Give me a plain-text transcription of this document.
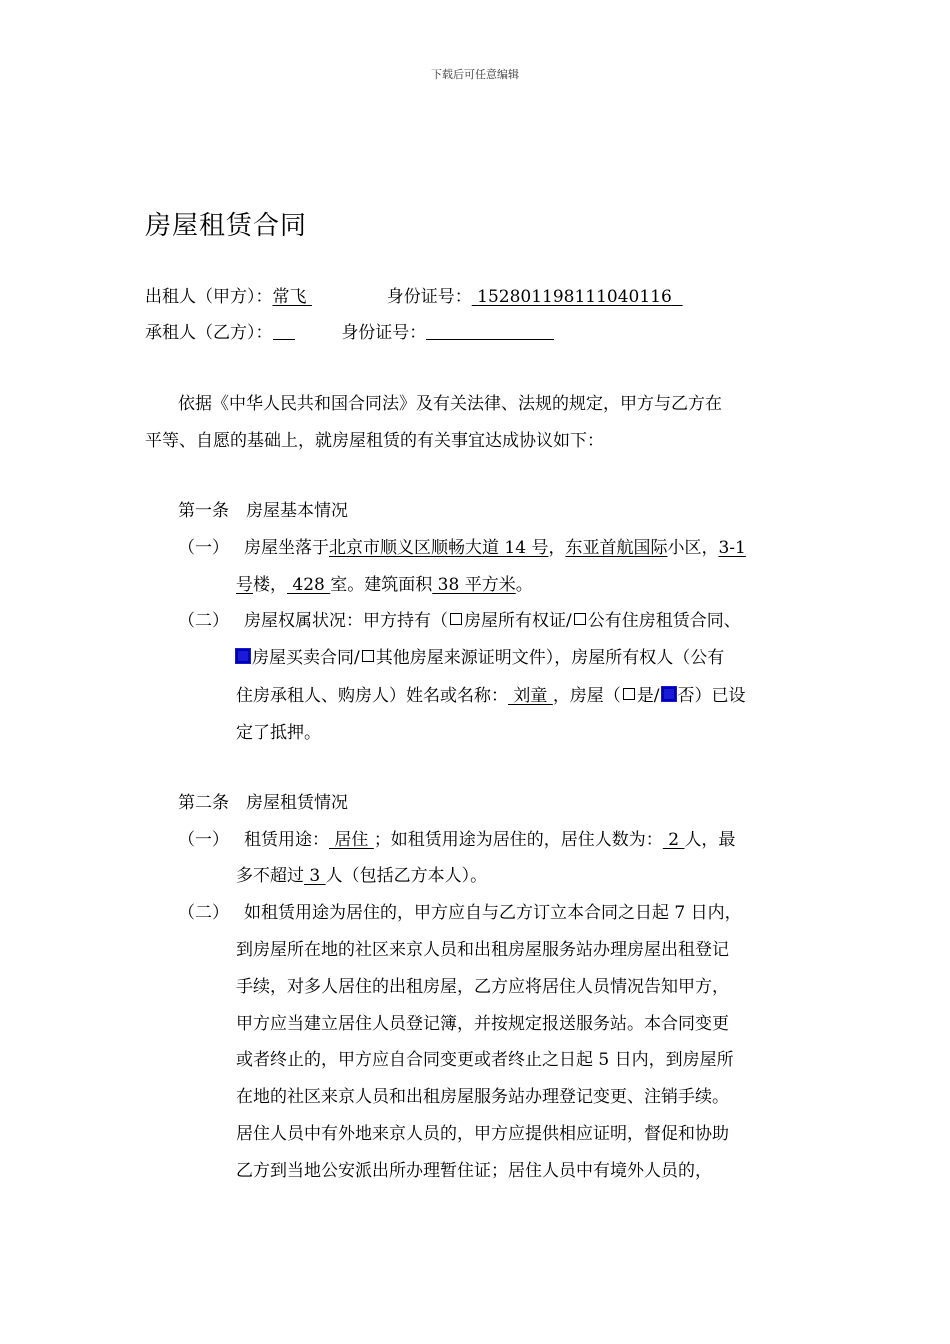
下载后可任意编辑
房屋租赁合同
出租人（甲方）：常飞	身份证号： 152801198111040116
承租人（乙方）：	身份证号：
依据《中华人民共和国合同法》及有关法律、法规的规定，甲方与乙方在
平等、自愿的基础上，就房屋租赁的有关事宜达成协议如下：
第一条　房屋基本情况
（一） 房屋坐落于北京市顺义区顺畅大道 14 号，东亚首航国际小区，3-1
号楼， 428 室。建筑面积 38 平方米。
（二） 房屋权属状况：甲方持有（ 房屋所有权证/ 公有住房租赁合同、
房屋买卖合同/ 其他房屋来源证明文件），房屋所有权人（公有
住房承租人、购房人）姓名或名称： 刘童 ，房屋（ 是/ 否）已设
定了抵押。
第二条　房屋租赁情况
（一） 租赁用途： 居住 ；如租赁用途为居住的，居住人数为： 2 人，最
多不超过 3 人（包括乙方本人）。
（二） 如租赁用途为居住的，甲方应自与乙方订立本合同之日起 7 日内，
到房屋所在地的社区来京人员和出租房屋服务站办理房屋出租登记
手续，对多人居住的出租房屋，乙方应将居住人员情况告知甲方，
甲方应当建立居住人员登记簿，并按规定报送服务站。本合同变更
或者终止的，甲方应自合同变更或者终止之日起 5 日内，到房屋所
在地的社区来京人员和出租房屋服务站办理登记变更、注销手续。
居住人员中有外地来京人员的，甲方应提供相应证明，督促和协助
乙方到当地公安派出所办理暂住证；居住人员中有境外人员的，
